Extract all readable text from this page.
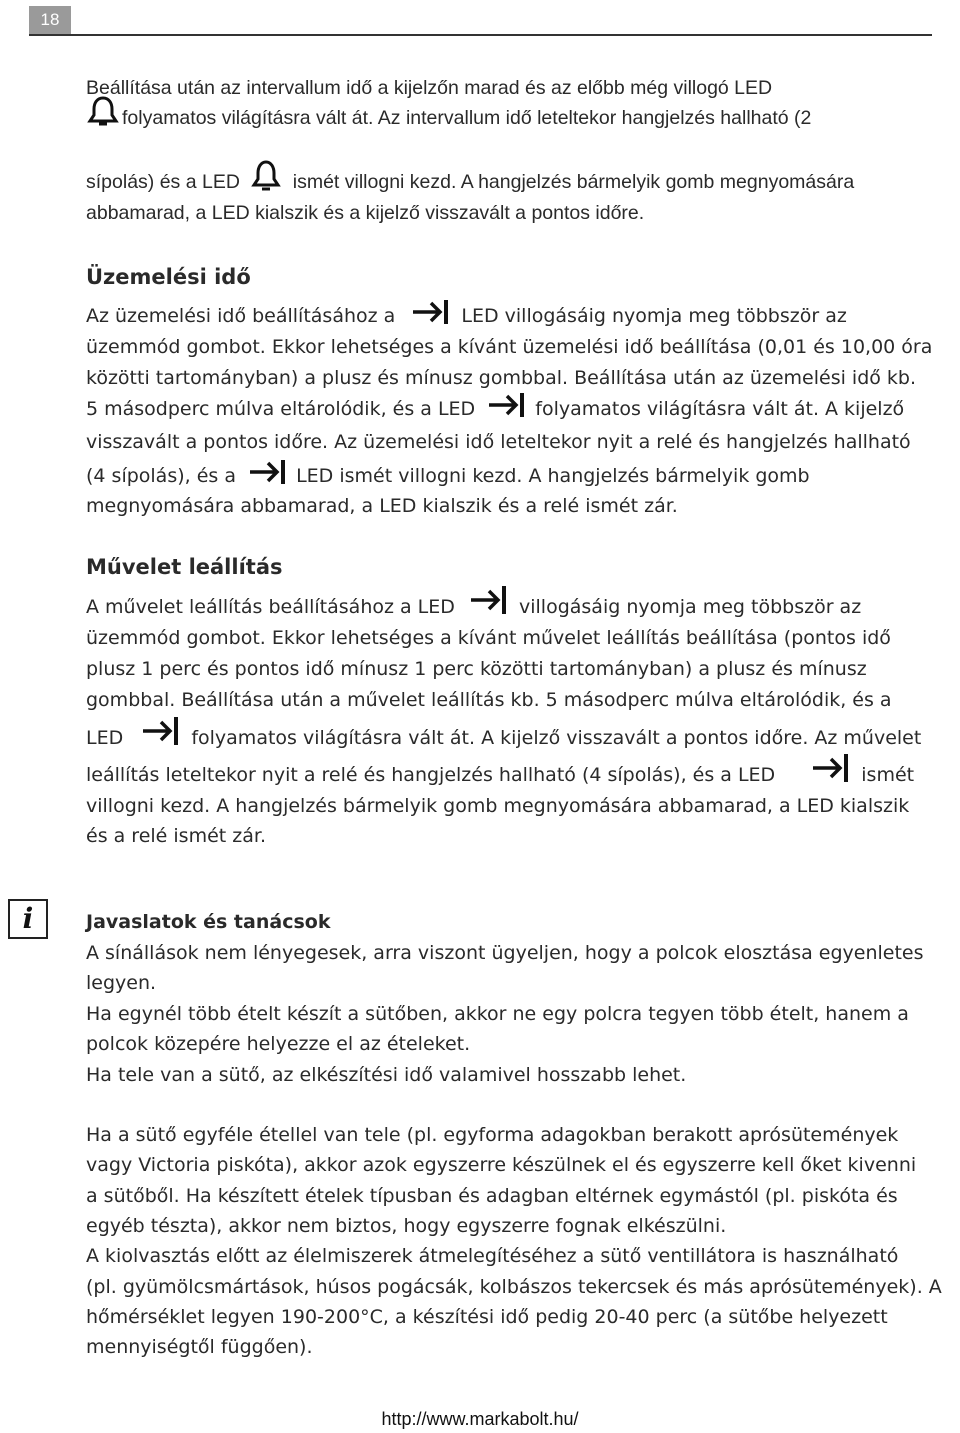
18
Beállítása után az intervallum idő a kijelzőn marad és az előbb még villogó LED
folyamatos világításra vált át. Az intervallum idő leteltekor hangjelzés hallható (2
sípolás) és a LED	ismét villogni kezd. A hangjelzés bármelyik gomb megnyomására
abbamarad, a LED kialszik és a kijelző visszavált a pontos időre.
Üzemelési idő
Az üzemelési idő beállításához a	LED villogásáig nyomja meg többször az
üzemmód gombot. Ekkor lehetséges a kívánt üzemelési idő beállítása (0,01 és 10,00 óra
közötti tartományban) a plusz és mínusz gombbal. Beállítása után az üzemelési idő kb.
5 másodperc múlva eltárolódik, és a LED	folyamatos világításra vált át. A kijelző
visszavált a pontos időre. Az üzemelési idő leteltekor nyit a relé és hangjelzés hallható
(4 sípolás), és a	LED ismét villogni kezd. A hangjelzés bármelyik gomb
megnyomására abbamarad, a LED kialszik és a relé ismét zár.
Művelet leállítás
A művelet leállítás beállításához a LED	villogásáig nyomja meg többször az
üzemmód gombot. Ekkor lehetséges a kívánt művelet leállítás beállítása (pontos idő
plusz 1 perc és pontos idő mínusz 1 perc közötti tartományban) a plusz és mínusz
gombbal. Beállítása után a művelet leállítás kb. 5 másodperc múlva eltárolódik, és a
LED	folyamatos világításra vált át. A kijelző visszavált a pontos időre. Az művelet
leállítás leteltekor nyit a relé és hangjelzés hallható (4 sípolás), és a LED	ismét
villogni kezd. A hangjelzés bármelyik gomb megnyomására abbamarad, a LED kialszik
és a relé ismét zár.
i	Javaslatok és tanácsok
A sínállások nem lényegesek, arra viszont ügyeljen, hogy a polcok elosztása egyenletes
legyen.
Ha egynél több ételt készít a sütőben, akkor ne egy polcra tegyen több ételt, hanem a
polcok közepére helyezze el az ételeket.
Ha tele van a sütő, az elkészítési idő valamivel hosszabb lehet.
Ha a sütő egyféle étellel van tele (pl. egyforma adagokban berakott aprósütemények
vagy Victoria piskóta), akkor azok egyszerre készülnek el és egyszerre kell őket kivenni
a sütőből. Ha készített ételek típusban és adagban eltérnek egymástól (pl. piskóta és
egyéb tészta), akkor nem biztos, hogy egyszerre fognak elkészülni.
A kiolvasztás előtt az élelmiszerek átmelegítéséhez a sütő ventillátora is használható
(pl. gyümölcsmártások, húsos pogácsák, kolbászos tekercsek és más aprósütemények). A
hőmérséklet legyen 190-200°C, a készítési idő pedig 20-40 perc (a sütőbe helyezett
mennyiségtől függően).
http://www.markabolt.hu/
